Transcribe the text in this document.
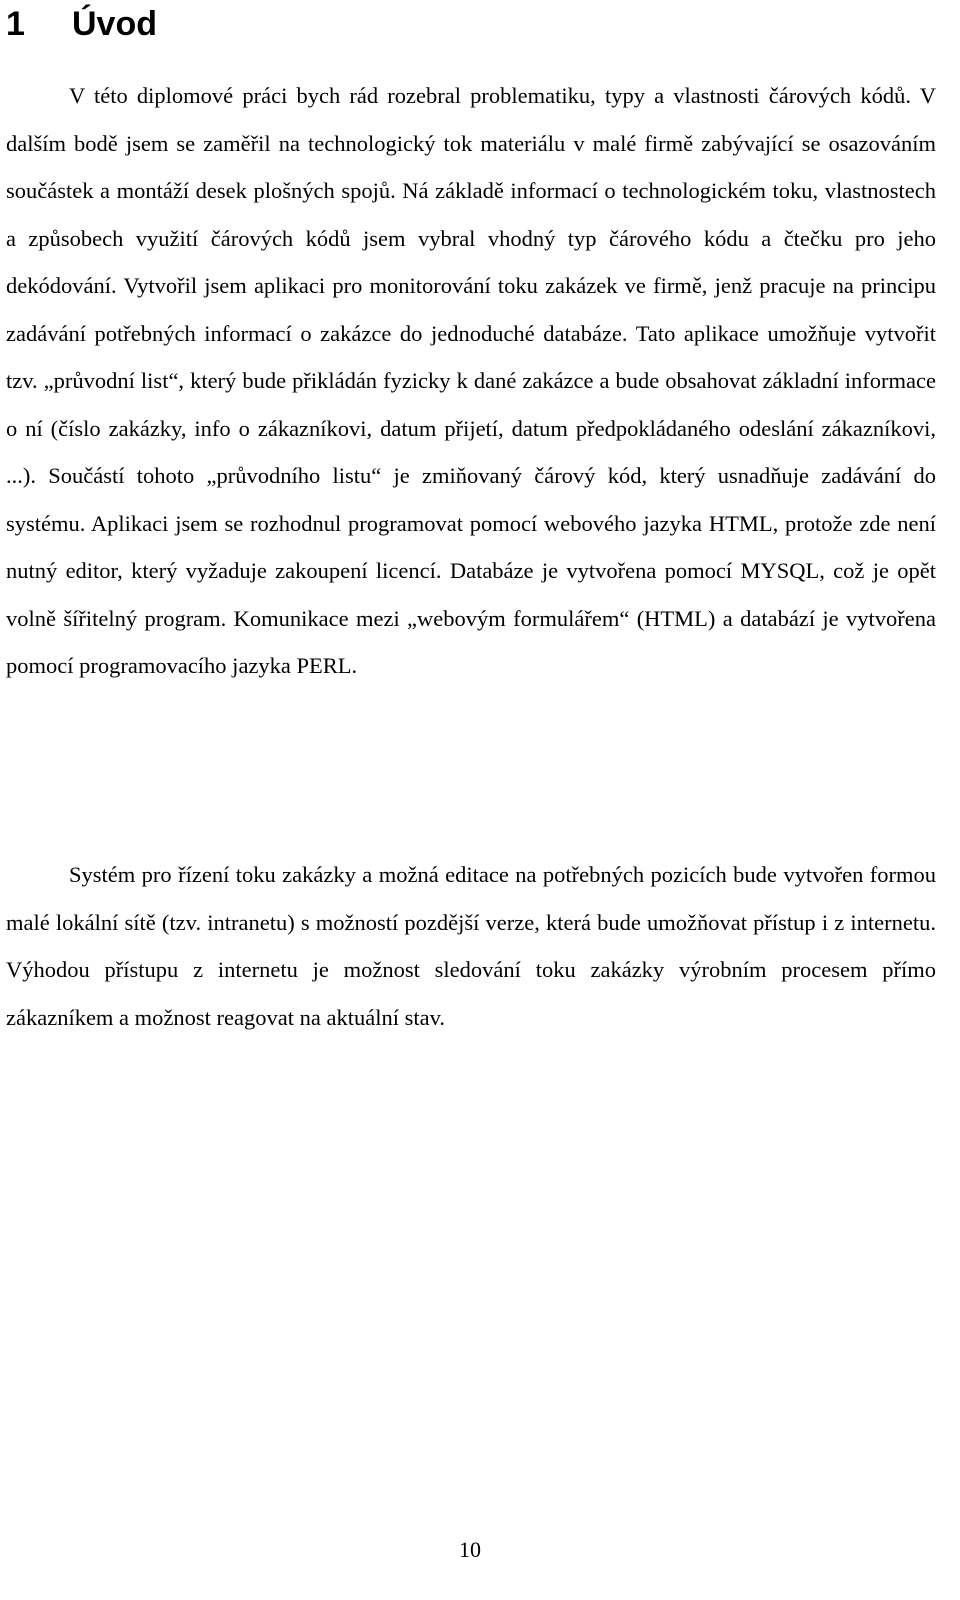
1 Úvod

V této diplomové práci bych rád rozebral problematiku, typy a vlastnosti čárových kódů. V dalším bodě jsem se zaměřil na technologický tok materiálu v malé firmě zabývající se osazováním součástek a montáží desek plošných spojů. Ná základě informací o technologickém toku, vlastnostech a způsobech využití čárových kódů jsem vybral vhodný typ čárového kódu a čtečku pro jeho dekódování. Vytvořil jsem aplikaci pro monitorování toku zakázek ve firmě, jenž pracuje na principu zadávání potřebných informací o zakázce do jednoduché databáze. Tato aplikace umožňuje vytvořit tzv. „průvodní list“, který bude přikládán fyzicky k dané zakázce a bude obsahovat základní informace o ní (číslo zakázky, info o zákazníkovi, datum přijetí, datum předpokládaného odeslání zákazníkovi, ...). Součástí tohoto „průvodního listu“ je zmiňovaný čárový kód, který usnadňuje zadávání do systému. Aplikaci jsem se rozhodnul programovat pomocí webového jazyka HTML, protože zde není nutný editor, který vyžaduje zakoupení licencí. Databáze je vytvořena pomocí MYSQL, což je opět volně šířitelný program. Komunikace mezi „webovým formulářem“ (HTML) a databází je vytvořena pomocí programovacího jazyka PERL.

Systém pro řízení toku zakázky a možná editace na potřebných pozicích bude vytvořen formou malé lokální sítě (tzv. intranetu) s možností pozdější verze, která bude umožňovat přístup i z internetu. Výhodou přístupu z internetu je možnost sledování toku zakázky výrobním procesem přímo zákazníkem a možnost reagovat na aktuální stav.

10
